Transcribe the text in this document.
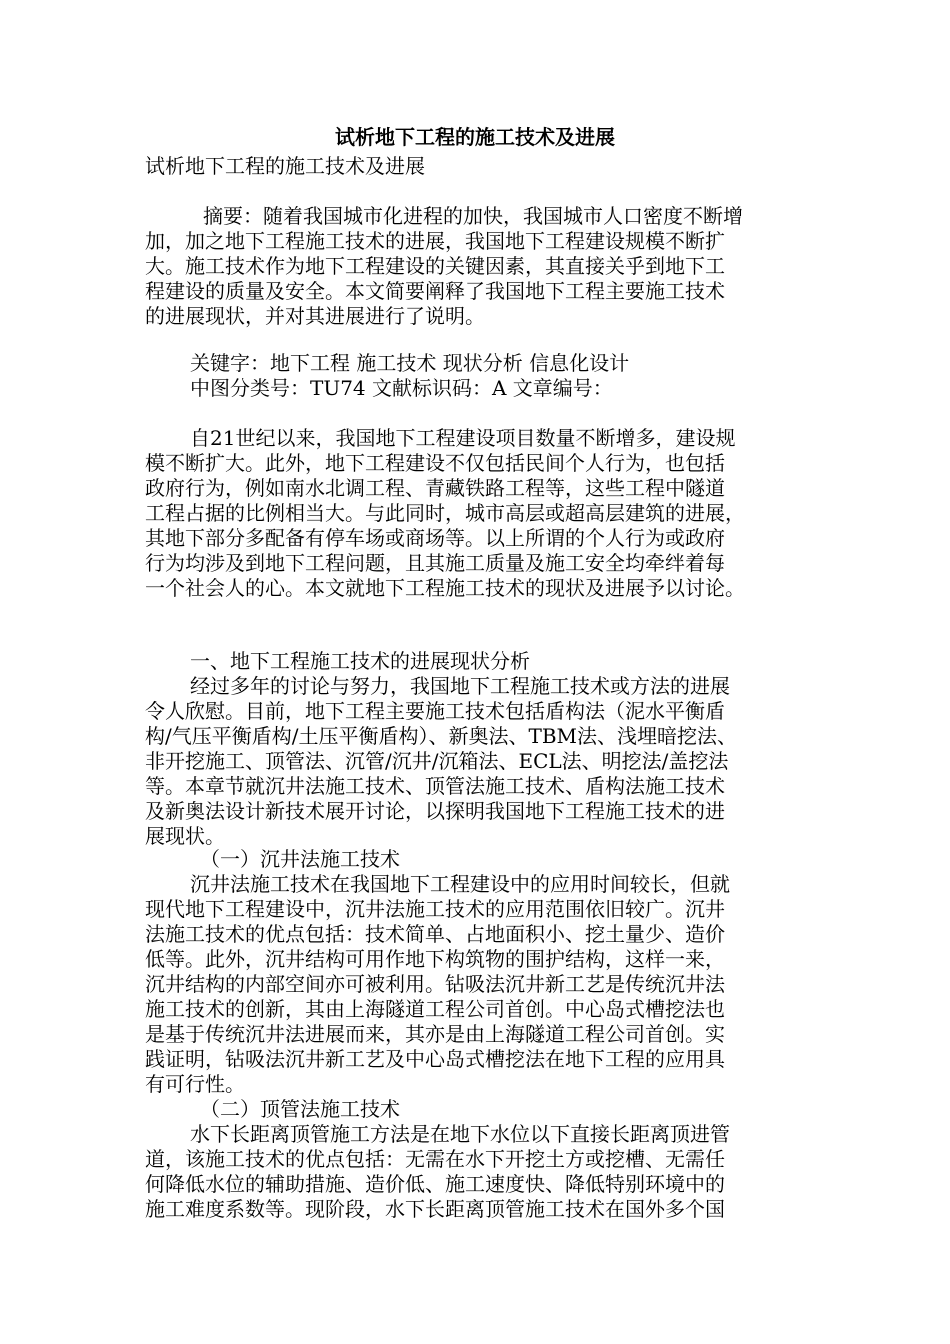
试析地下工程的施工技术及进展
试析地下工程的施工技术及进展
摘要：随着我国城市化进程的加快，我国城市人口密度不断增
加，加之地下工程施工技术的进展，我国地下工程建设规模不断扩
大。施工技术作为地下工程建设的关键因素，其直接关乎到地下工
程建设的质量及安全。本文简要阐释了我国地下工程主要施工技术
的进展现状，并对其进展进行了说明。
关键字：地下工程 施工技术 现状分析 信息化设计
中图分类号：TU74 文献标识码：A 文章编号：
自21世纪以来，我国地下工程建设项目数量不断增多，建设规
模不断扩大。此外，地下工程建设不仅包括民间个人行为，也包括
政府行为，例如南水北调工程、青藏铁路工程等，这些工程中隧道
工程占据的比例相当大。与此同时，城市高层或超高层建筑的进展，
其地下部分多配备有停车场或商场等。以上所谓的个人行为或政府
行为均涉及到地下工程问题，且其施工质量及施工安全均牵绊着每
一个社会人的心。本文就地下工程施工技术的现状及进展予以讨论。
一、地下工程施工技术的进展现状分析
经过多年的讨论与努力，我国地下工程施工技术或方法的进展
令人欣慰。目前，地下工程主要施工技术包括盾构法（泥水平衡盾
构/气压平衡盾构/土压平衡盾构）、新奥法、TBM法、浅埋暗挖法、
非开挖施工、顶管法、沉管/沉井/沉箱法、ECL法、明挖法/盖挖法
等。本章节就沉井法施工技术、顶管法施工技术、盾构法施工技术
及新奥法设计新技术展开讨论，以探明我国地下工程施工技术的进
展现状。
（一）沉井法施工技术
沉井法施工技术在我国地下工程建设中的应用时间较长，但就
现代地下工程建设中，沉井法施工技术的应用范围依旧较广。沉井
法施工技术的优点包括：技术简单、占地面积小、挖土量少、造价
低等。此外，沉井结构可用作地下构筑物的围护结构，这样一来，
沉井结构的内部空间亦可被利用。钻吸法沉井新工艺是传统沉井法
施工技术的创新，其由上海隧道工程公司首创。中心岛式槽挖法也
是基于传统沉井法进展而来，其亦是由上海隧道工程公司首创。实
践证明，钻吸法沉井新工艺及中心岛式槽挖法在地下工程的应用具
有可行性。
（二）顶管法施工技术
水下长距离顶管施工方法是在地下水位以下直接长距离顶进管
道，该施工技术的优点包括：无需在水下开挖土方或挖槽、无需任
何降低水位的辅助措施、造价低、施工速度快、降低特别环境中的
施工难度系数等。现阶段，水下长距离顶管施工技术在国外多个国
